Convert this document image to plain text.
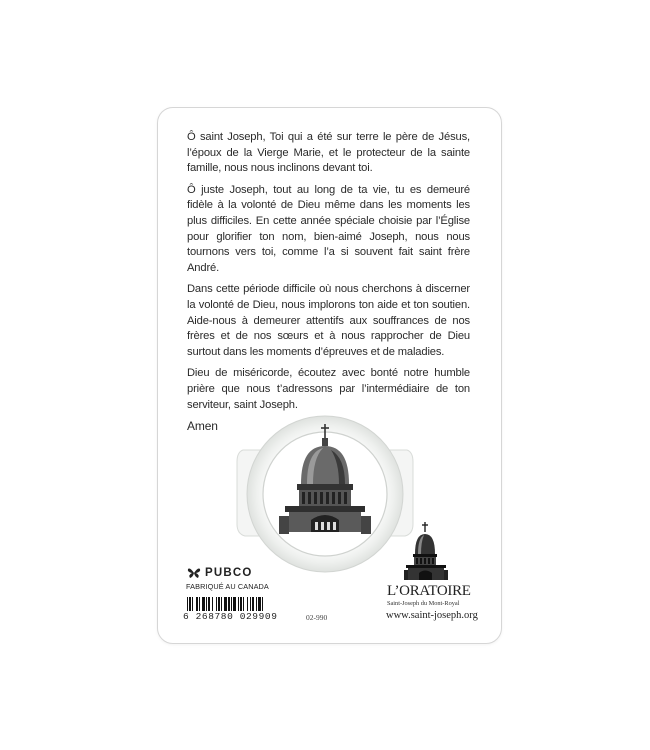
Ô saint Joseph, Toi qui a été sur terre le père de Jésus, l’époux de la Vierge Marie, et le protecteur de la sainte famille, nous nous inclinons devant toi.

Ô juste Joseph, tout au long de ta vie, tu es demeuré fidèle à la volonté de Dieu même dans les moments les plus difficiles. En cette année spéciale choisie par l’Église pour glorifier ton nom, bien-aimé Joseph, nous nous tournons vers toi, comme l’a si souvent fait saint frère André.

Dans cette période difficile où nous cherchons à discerner la volonté de Dieu, nous implorons ton aide et ton soutien. Aide-nous à demeurer attentifs aux souffrances de nos frères et de nos sœurs et à nous rapprocher de Dieu surtout dans les moments d’épreuves et de maladies.

Dieu de miséricorde, écoutez avec bonté notre humble prière que nous t’adressons par l’intermédiaire de ton serviteur, saint Joseph.

Amen

PUBCO
FABRIQUÉ AU CANADA
6 268780 029909	02-990
L’ORATOIRE
Saint-Joseph du Mont-Royal
www.saint-joseph.org
